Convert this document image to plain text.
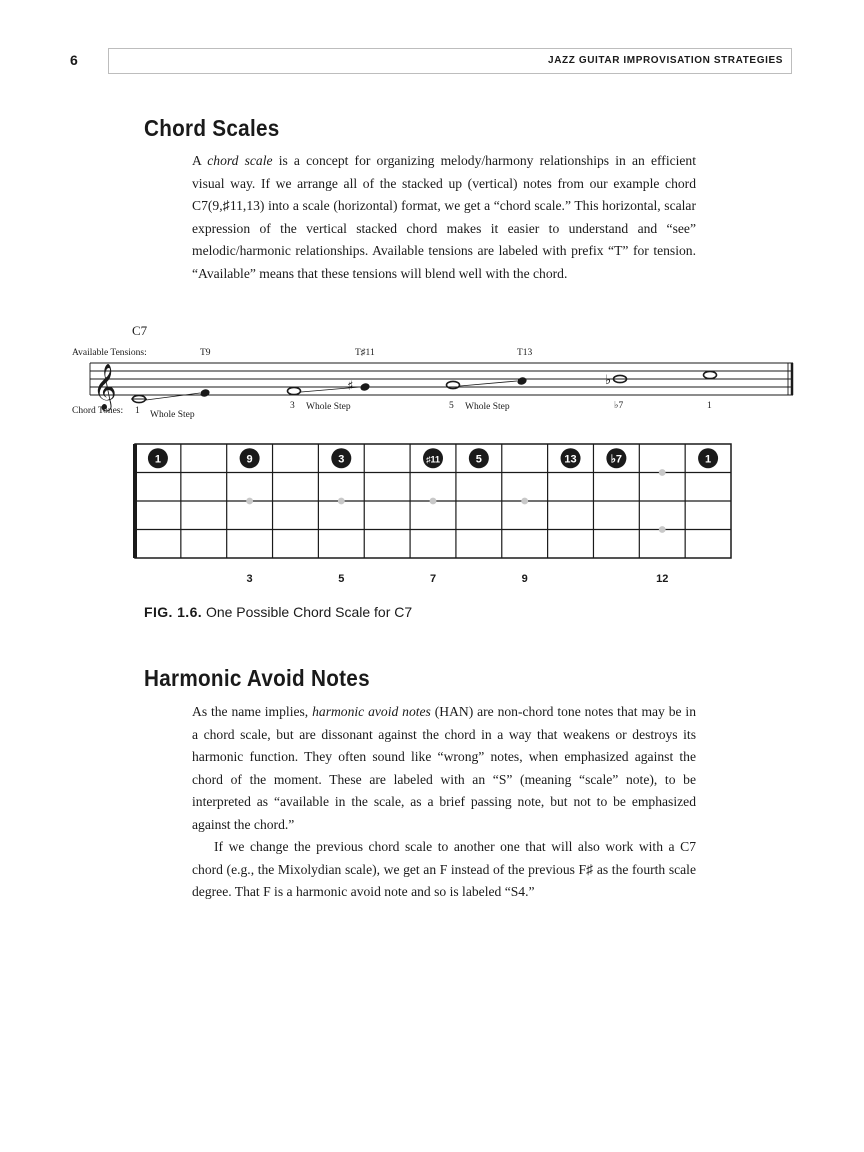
6	JAZZ GUITAR IMPROVISATION STRATEGIES
Chord Scales

A chord scale is a concept for organizing melody/harmony relationships in an efficient visual way. If we arrange all of the stacked up (vertical) notes from our example chord C7(9,♯11,13) into a scale (horizontal) format, we get a “chord scale.” This horizontal, scalar expression of the vertical stacked chord makes it easier to understand and “see” melodic/harmonic relationships. Available tensions are labeled with prefix “T” for tension. “Available” means that these tensions will blend well with the chord.

C7
Available Tensions:	T9	T♯11	T13
𝄞	♯	♭
Chord Tones: 1	3	5	♭7	1
Whole Step
Whole Step	Whole Step
3	5	7	9	12
1	9	3	♯11	5	13	♭7	1
FIG. 1.6. One Possible Chord Scale for C7
Harmonic Avoid Notes

As the name implies, harmonic avoid notes (HAN) are non-chord tone notes that may be in a chord scale, but are dissonant against the chord in a way that weakens or destroys its harmonic function. They often sound like “wrong” notes, when emphasized against the chord of the moment. These are labeled with an “S” (meaning “scale” note), to be interpreted as “available in the scale, as a brief passing note, but not to be emphasized against the chord.”

If we change the previous chord scale to another one that will also work with a C7 chord (e.g., the Mixolydian scale), we get an F instead of the previous F♯ as the fourth scale degree. That F is a harmonic avoid note and so is labeled “S4.”
